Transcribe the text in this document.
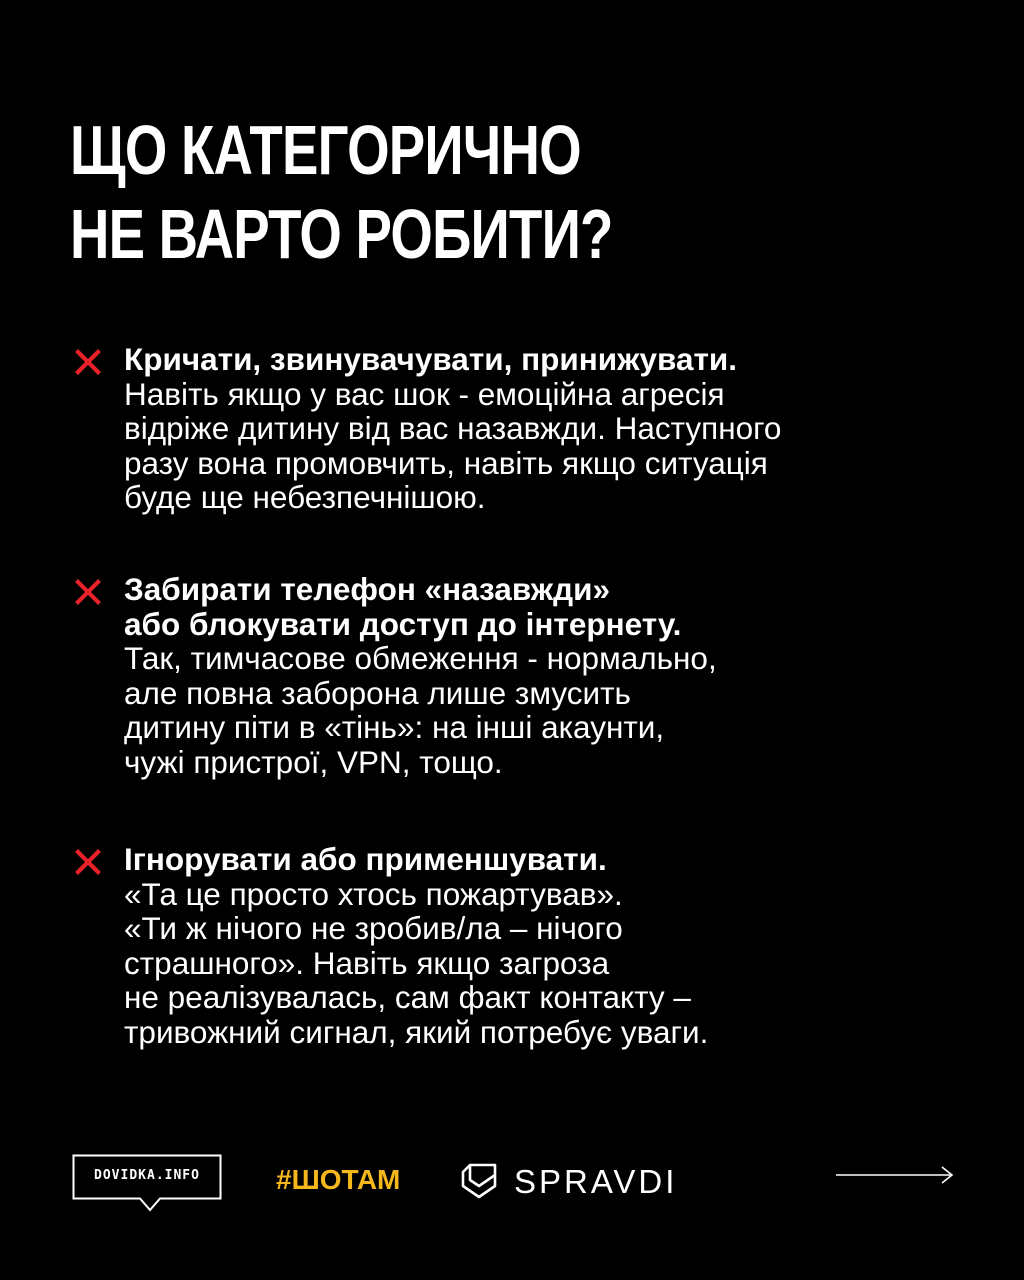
ЩО КАТЕГОРИЧНО
НЕ ВАРТО РОБИТИ?
Кричати, звинувачувати, принижувати.
Навіть якщо у вас шок - емоційна агресія
відріже дитину від вас назавжди. Наступного
разу вона промовчить, навіть якщо ситуація
буде ще небезпечнішою.
Забирати телефон «назавжди»
або блокувати доступ до інтернету.
Так, тимчасове обмеження - нормально,
але повна заборона лише змусить
дитину піти в «тінь»: на інші акаунти,
чужі пристрої, VPN, тощо.
Ігнорувати або применшувати.
«Та це просто хтось пожартував».
«Ти ж нічого не зробив/ла – нічого
страшного». Навіть якщо загроза
не реалізувалась, сам факт контакту –
тривожний сигнал, який потребує уваги.
DOVIDKA.INFO	#ШОТАМ	SPRAVDI
